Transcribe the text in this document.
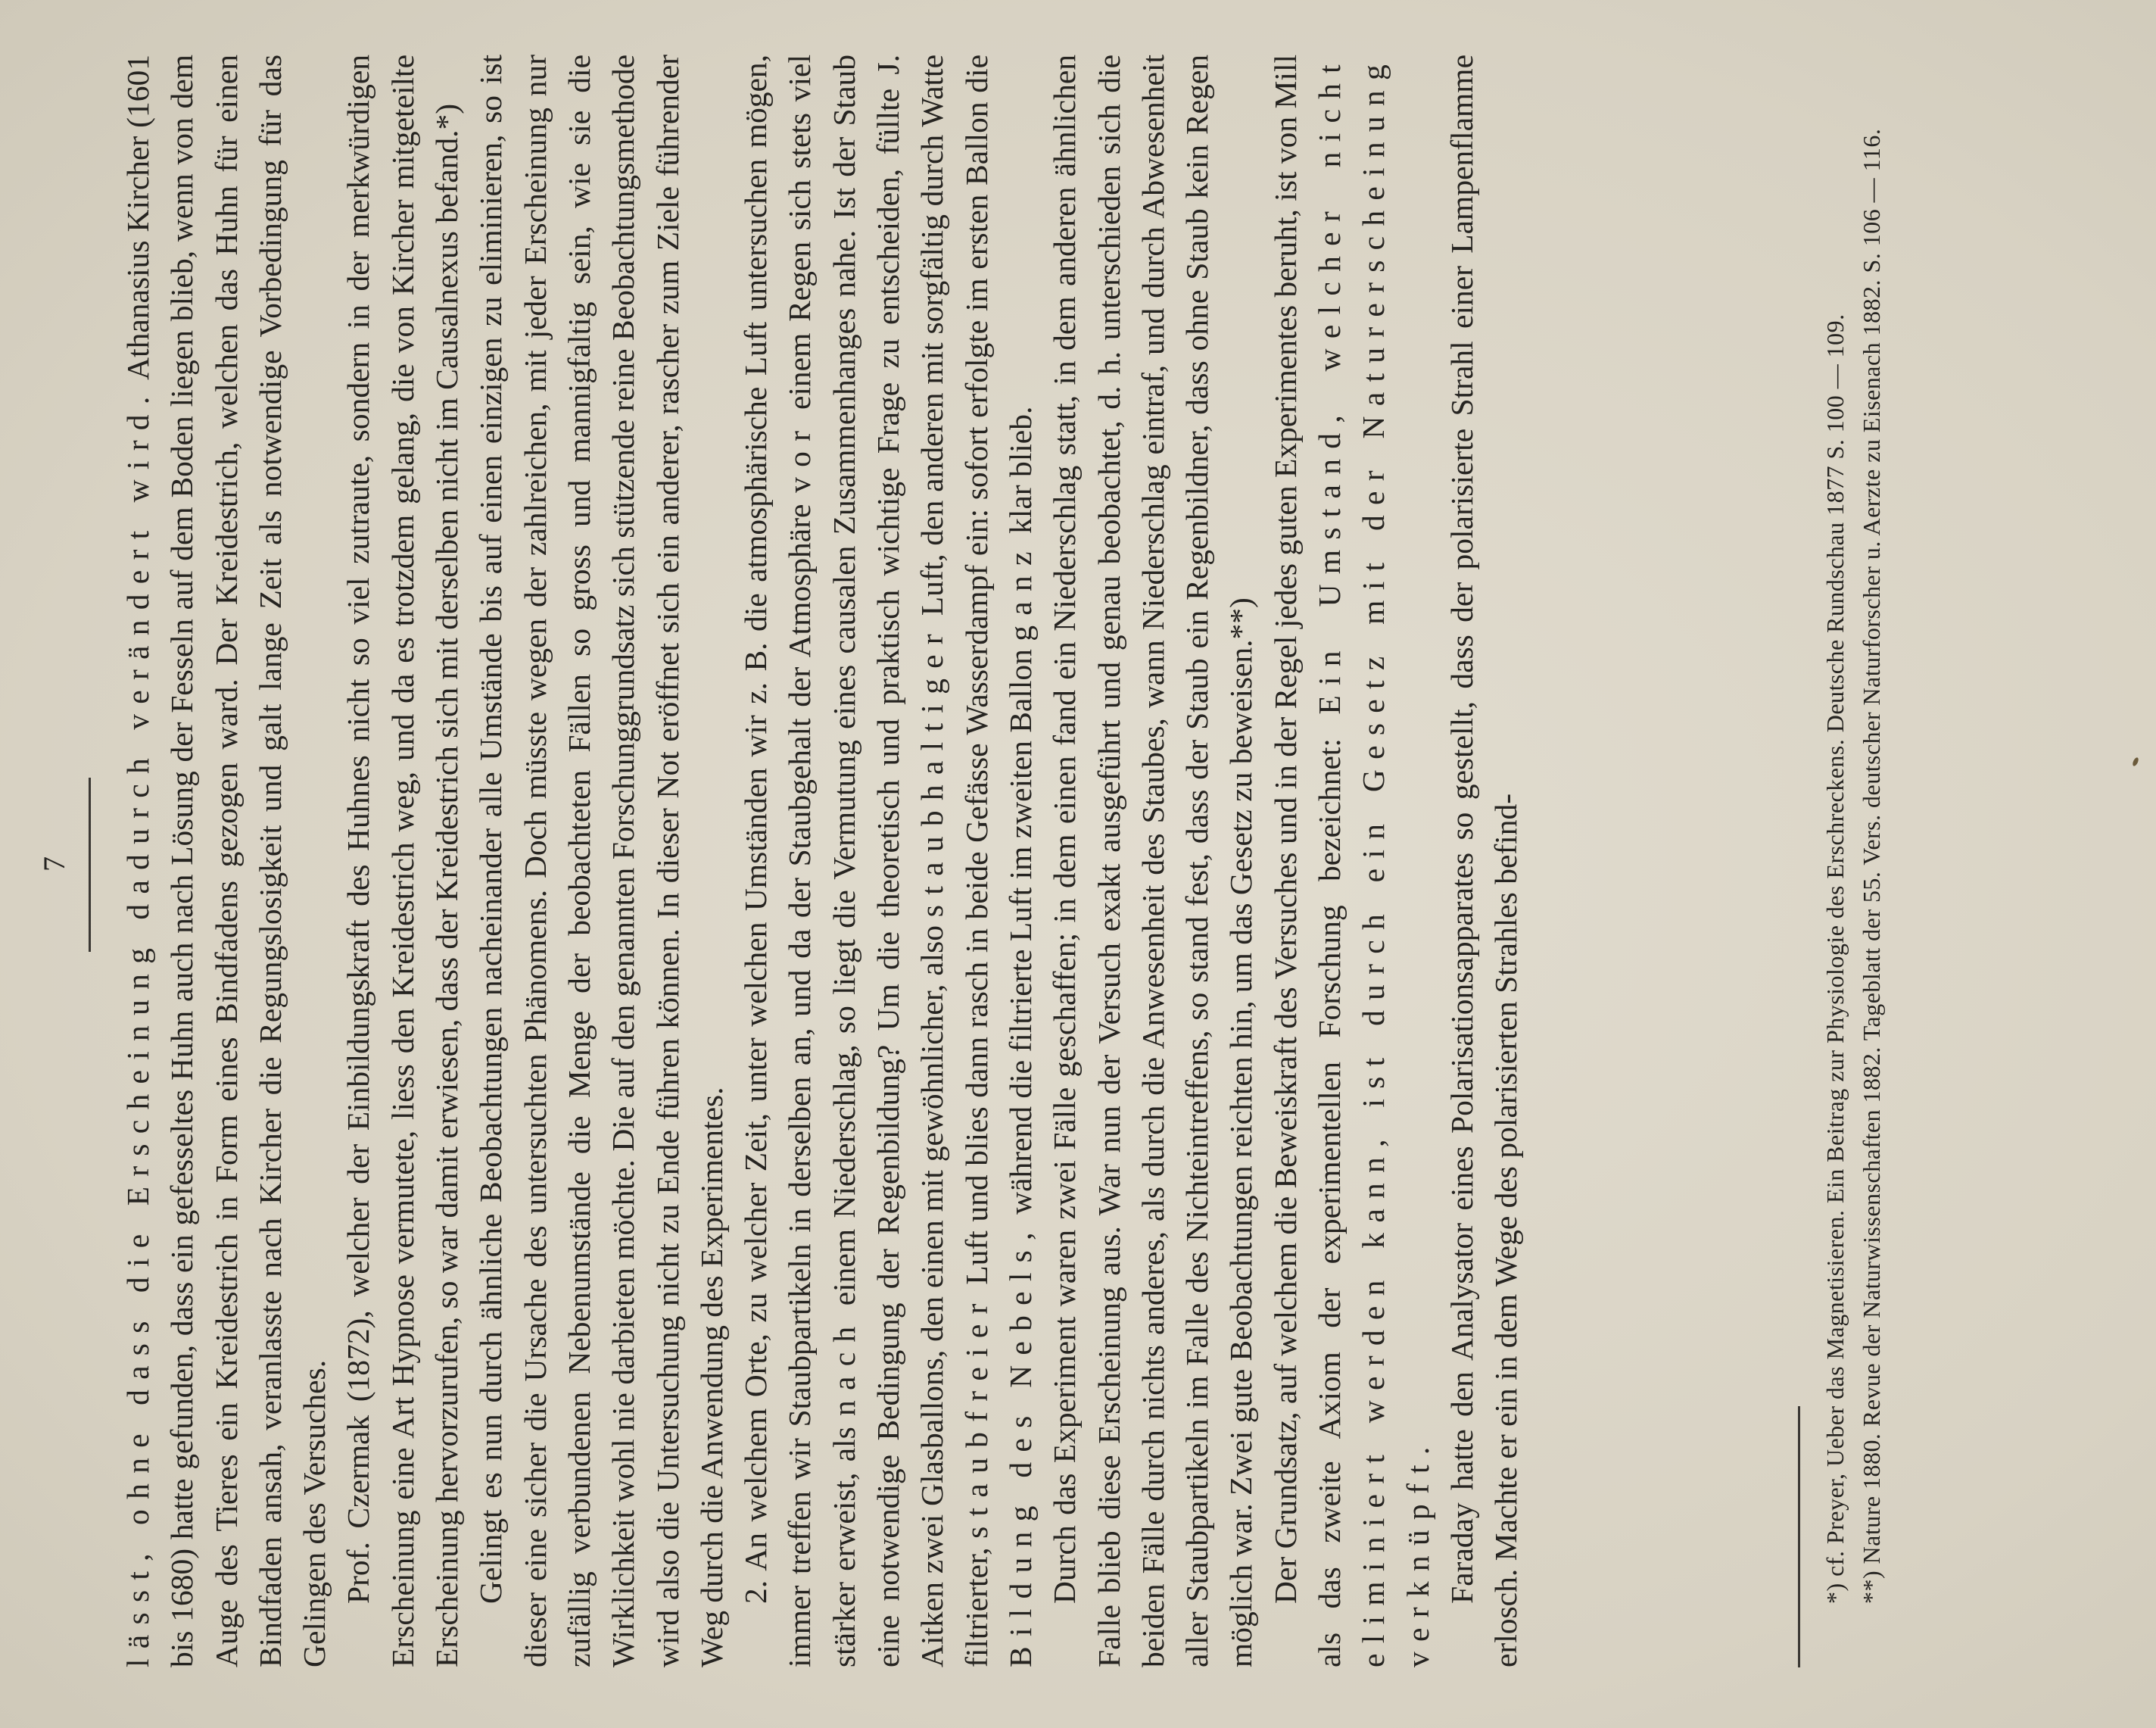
7 lässt, ohne dass die Erscheinung dadurch verändert wird. Athanasius Kircher (1601 bis 1680) hatte gefunden, dass ein gefesseltes Huhn auch nach Lösung der Fesseln auf dem Boden liegen blieb, wenn von dem Auge des Tieres ein Kreidestrich in Form eines Bindfadens gezogen ward. Der Kreidestrich, welchen das Huhn für einen Bindfaden ansah, veranlasste nach Kircher die Regungslosigkeit und galt lange Zeit als notwendige Vorbedingung für das Gelingen des Versuches. Prof. Czermak (1872), welcher der Einbildungskraft des Huhnes nicht so viel zutraute, sondern in der merkwürdigen Erscheinung eine Art Hypnose vermutete, liess den Kreidestrich weg, und da es trotzdem gelang, die von Kircher mitgeteilte Erscheinung hervorzurufen, so war damit erwiesen, dass der Kreidestrich sich mit derselben nicht im Causalnexus befand.*) Gelingt es nun durch ähnliche Beobachtungen nacheinander alle Umstände bis auf einen einzigen zu eliminieren, so ist dieser eine sicher die Ursache des untersuchten Phänomens. Doch müsste wegen der zahlreichen, mit jeder Erscheinung nur zufällig verbundenen Nebenumstände die Menge der beobachteten Fällen so gross und mannigfaltig sein, wie sie die Wirklichkeit wohl nie darbieten möchte. Die auf den genannten Forschunggrundsatz sich stützende reine Beobachtungsmethode wird also die Untersuchung nicht zu Ende führen können. In dieser Not eröffnet sich ein anderer, rascher zum Ziele führender Weg durch die Anwendung des Experimentes. 2. An welchem Orte, zu welcher Zeit, unter welchen Umständen wir z. B. die atmosphärische Luft untersuchen mögen, immer treffen wir Staubpartikeln in derselben an, und da der Staubgehalt der Atmosphäre vor einem Regen sich stets viel stärker erweist, als nach einem Niederschlag, so liegt die Vermutung eines causalen Zusammenhanges nahe. Ist der Staub eine notwendige Bedingung der Regenbildung? Um die theoretisch und praktisch wichtige Frage zu entscheiden, füllte J. Aitken zwei Glasballons, den einen mit gewöhnlicher, also staubhaltiger Luft, den anderen mit sorgfältig durch Watte filtrierter, staubfreier Luft und blies dann rasch in beide Gefässe Wasserdampf ein: sofort erfolgte im ersten Ballon die Bildung des Nebels, während die filtrierte Luft im zweiten Ballon ganz klar blieb. Durch das Experiment waren zwei Fälle geschaffen; in dem einen fand ein Niederschlag statt, in dem anderen ähnlichen Falle blieb diese Erscheinung aus. War nun der Versuch exakt ausgeführt und genau beobachtet, d. h. unterschieden sich die beiden Fälle durch nichts anderes, als durch die Anwesenheit des Staubes, wann Niederschlag eintraf, und durch Abwesenheit aller Staubpartikeln im Falle des Nichteintreffens, so stand fest, dass der Staub ein Regenbildner, dass ohne Staub kein Regen möglich war. Zwei gute Beobachtungen reichten hin, um das Gesetz zu beweisen.**) Der Grundsatz, auf welchem die Beweiskraft des Versuches und in der Regel jedes guten Experimentes beruht, ist von Mill als das zweite Axiom der experimentellen Forschung bezeichnet: Ein Umstand, welcher nicht eliminiert werden kann, ist durch ein Gesetz mit der Naturerscheinung verknüpft. Faraday hatte den Analysator eines Polarisationsapparates so gestellt, dass der polarisierte Strahl einer Lampenflamme erlosch. Machte er ein in dem Wege des polarisierten Strahles befind-	*) cf. Preyer, Ueber das Magnetisieren. Ein Beitrag zur Physiologie des Erschreckens. Deutsche Rundschau 1877 S. 100 — 109. **) Nature 1880. Revue der Naturwissenschaften 1882. Tageblatt der 55. Vers. deutscher Naturforscher u. Aerzte zu Eisenach 1882. S. 106 — 116.
